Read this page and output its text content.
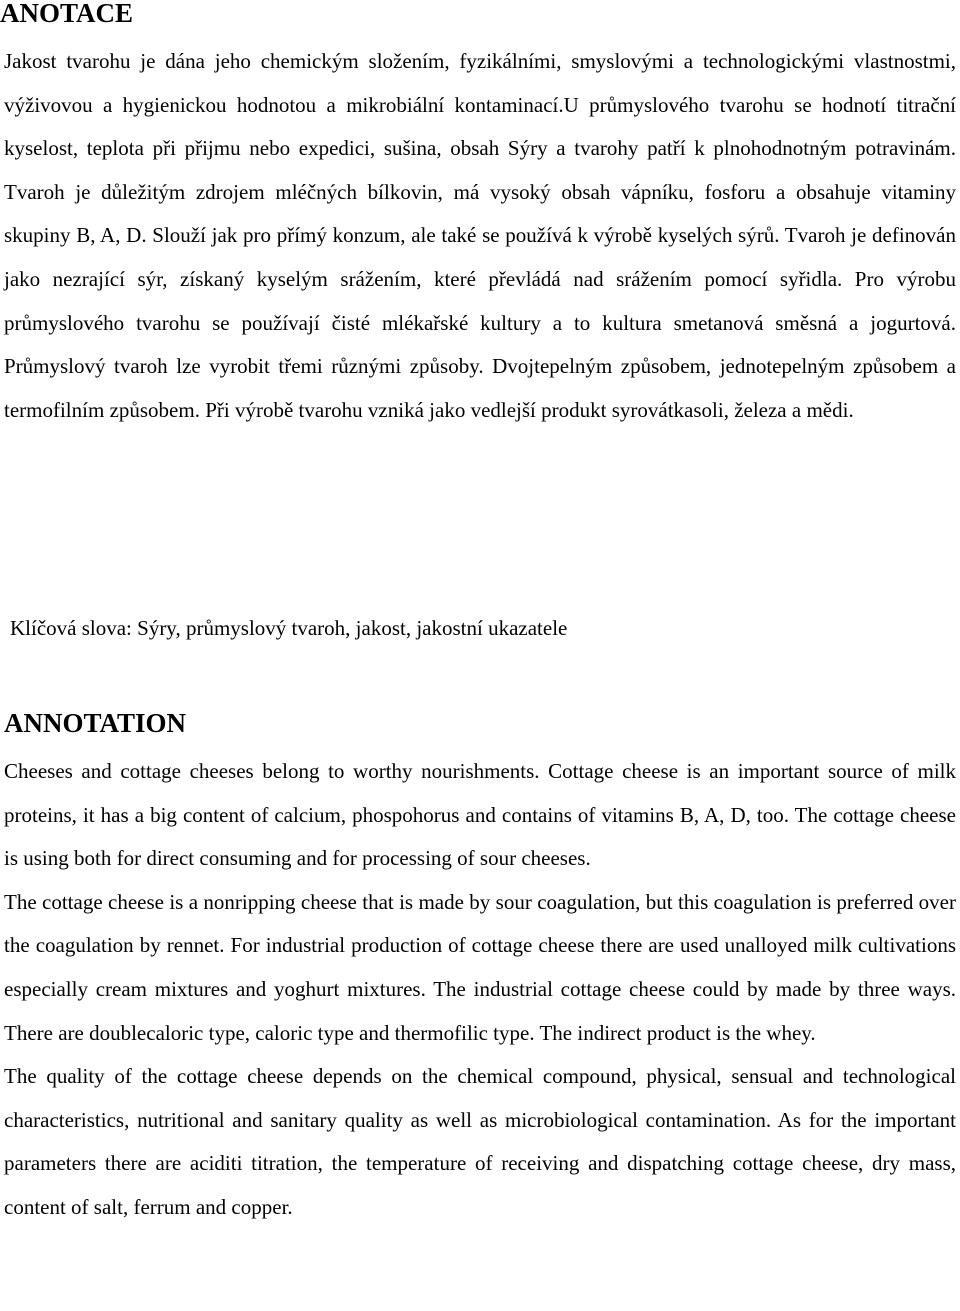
ANOTACE

Jakost tvarohu je dána jeho chemickým složením, fyzikálními, smyslovými a technologickými vlastnostmi, výživovou a hygienickou hodnotou a mikrobiální kontaminací.U průmyslového tvarohu se hodnotí titrační kyselost, teplota při přijmu nebo expedici, sušina, obsah Sýry a tvarohy patří k plnohodnotným potravinám. Tvaroh je důležitým zdrojem mléčných bílkovin, má vysoký obsah vápníku, fosforu a obsahuje vitaminy skupiny B, A, D. Slouží jak pro přímý konzum, ale také se používá k výrobě kyselých sýrů. Tvaroh je definován jako nezrající sýr, získaný kyselým srážením, které převládá nad srážením pomocí syřidla. Pro výrobu průmyslového tvarohu se používají čisté mlékařské kultury a to kultura smetanová směsná a jogurtová. Průmyslový tvaroh lze vyrobit třemi různými způsoby. Dvojtepelným způsobem, jednotepelným způsobem a termofilním způsobem. Při výrobě tvarohu vzniká jako vedlejší produkt syrovátkasoli, železa a mědi.

Klíčová slova: Sýry, průmyslový tvaroh, jakost, jakostní ukazatele

ANNOTATION

Cheeses and cottage cheeses belong to worthy nourishments. Cottage cheese is an important source of milk proteins, it has a big content of calcium, phospohorus and contains of vitamins B, A, D, too. The cottage cheese is using both for direct consuming and for processing of sour cheeses.

The cottage cheese is a nonripping cheese that is made by sour coagulation, but this coagulation is preferred over the coagulation by rennet. For industrial production of cottage cheese there are used unalloyed milk cultivations especially cream mixtures and yoghurt mixtures. The industrial cottage cheese could by made by three ways. There are doublecaloric type, caloric type and thermofilic type. The indirect product is the whey.

The quality of the cottage cheese depends on the chemical compound, physical, sensual and technological characteristics, nutritional and sanitary quality as well as microbiological contamination. As for the important parameters there are aciditi titration, the temperature of receiving and dispatching cottage cheese, dry mass, content of salt, ferrum and copper.
